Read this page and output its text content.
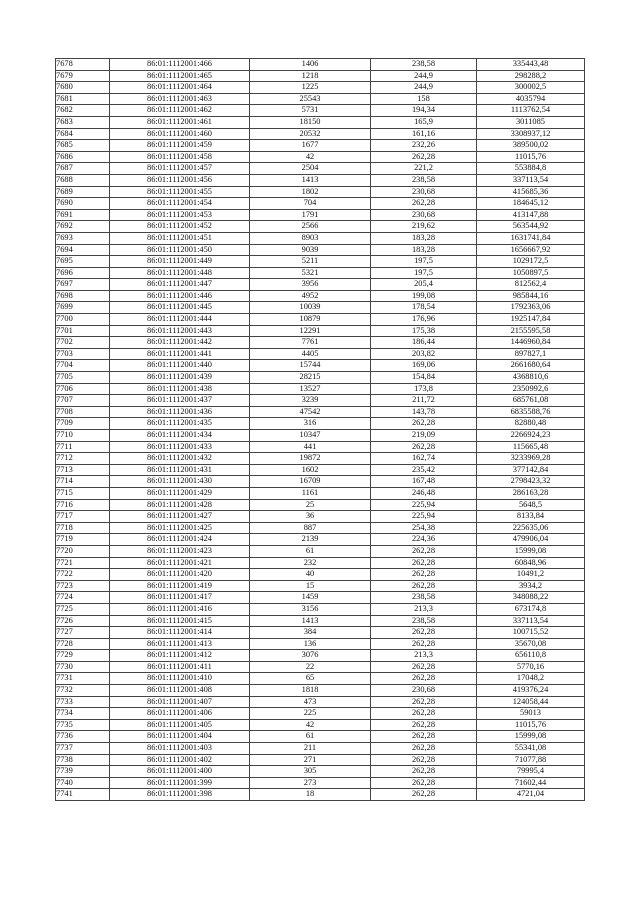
7678	86:01:1112001:466	1406	238,58	335443,48
7679	86:01:1112001:465	1218	244,9	298288,2
7680	86:01:1112001:464	1225	244,9	300002,5
7681	86:01:1112001:463	25543	158	4035794
7682	86:01:1112001:462	5731	194,34	1113762,54
7683	86:01:1112001:461	18150	165,9	3011085
7684	86:01:1112001:460	20532	161,16	3308937,12
7685	86:01:1112001:459	1677	232,26	389500,02
7686	86:01:1112001:458	42	262,28	11015,76
7687	86:01:1112001:457	2504	221,2	553884,8
7688	86:01:1112001:456	1413	238,58	337113,54
7689	86:01:1112001:455	1802	230,68	415685,36
7690	86:01:1112001:454	704	262,28	184645,12
7691	86:01:1112001:453	1791	230,68	413147,88
7692	86:01:1112001:452	2566	219,62	563544,92
7693	86:01:1112001:451	8903	183,28	1631741,84
7694	86:01:1112001:450	9039	183,28	1656667,92
7695	86:01:1112001:449	5211	197,5	1029172,5
7696	86:01:1112001:448	5321	197,5	1050897,5
7697	86:01:1112001:447	3956	205,4	812562,4
7698	86:01:1112001:446	4952	199,08	985844,16
7699	86:01:1112001:445	10039	178,54	1792363,06
7700	86:01:1112001:444	10879	176,96	1925147,84
7701	86:01:1112001:443	12291	175,38	2155595,58
7702	86:01:1112001:442	7761	186,44	1446960,84
7703	86:01:1112001:441	4405	203,82	897827,1
7704	86:01:1112001:440	15744	169,06	2661680,64
7705	86:01:1112001:439	28215	154,84	4368810,6
7706	86:01:1112001:438	13527	173,8	2350992,6
7707	86:01:1112001:437	3239	211,72	685761,08
7708	86:01:1112001:436	47542	143,78	6835588,76
7709	86:01:1112001:435	316	262,28	82880,48
7710	86:01:1112001:434	10347	219,09	2266924,23
7711	86:01:1112001:433	441	262,28	115665,48
7712	86:01:1112001:432	19872	162,74	3233969,28
7713	86:01:1112001:431	1602	235,42	377142,84
7714	86:01:1112001:430	16709	167,48	2798423,32
7715	86:01:1112001:429	1161	246,48	286163,28
7716	86:01:1112001:428	25	225,94	5648,5
7717	86:01:1112001:427	36	225,94	8133,84
7718	86:01:1112001:425	887	254,38	225635,06
7719	86:01:1112001:424	2139	224,36	479906,04
7720	86:01:1112001:423	61	262,28	15999,08
7721	86:01:1112001:421	232	262,28	60848,96
7722	86:01:1112001:420	40	262,28	10491,2
7723	86:01:1112001:419	15	262,28	3934,2
7724	86:01:1112001:417	1459	238,58	348088,22
7725	86:01:1112001:416	3156	213,3	673174,8
7726	86:01:1112001:415	1413	238,58	337113,54
7727	86:01:1112001:414	384	262,28	100715,52
7728	86:01:1112001:413	136	262,28	35670,08
7729	86:01:1112001:412	3076	213,3	656110,8
7730	86:01:1112001:411	22	262,28	5770,16
7731	86:01:1112001:410	65	262,28	17048,2
7732	86:01:1112001:408	1818	230,68	419376,24
7733	86:01:1112001:407	473	262,28	124058,44
7734	86:01:1112001:406	225	262,28	59013
7735	86:01:1112001:405	42	262,28	11015,76
7736	86:01:1112001:404	61	262,28	15999,08
7737	86:01:1112001:403	211	262,28	55341,08
7738	86:01:1112001:402	271	262,28	71077,88
7739	86:01:1112001:400	305	262,28	79995,4
7740	86:01:1112001:399	273	262,28	71602,44
7741	86:01:1112001:398	18	262,28	4721,04
